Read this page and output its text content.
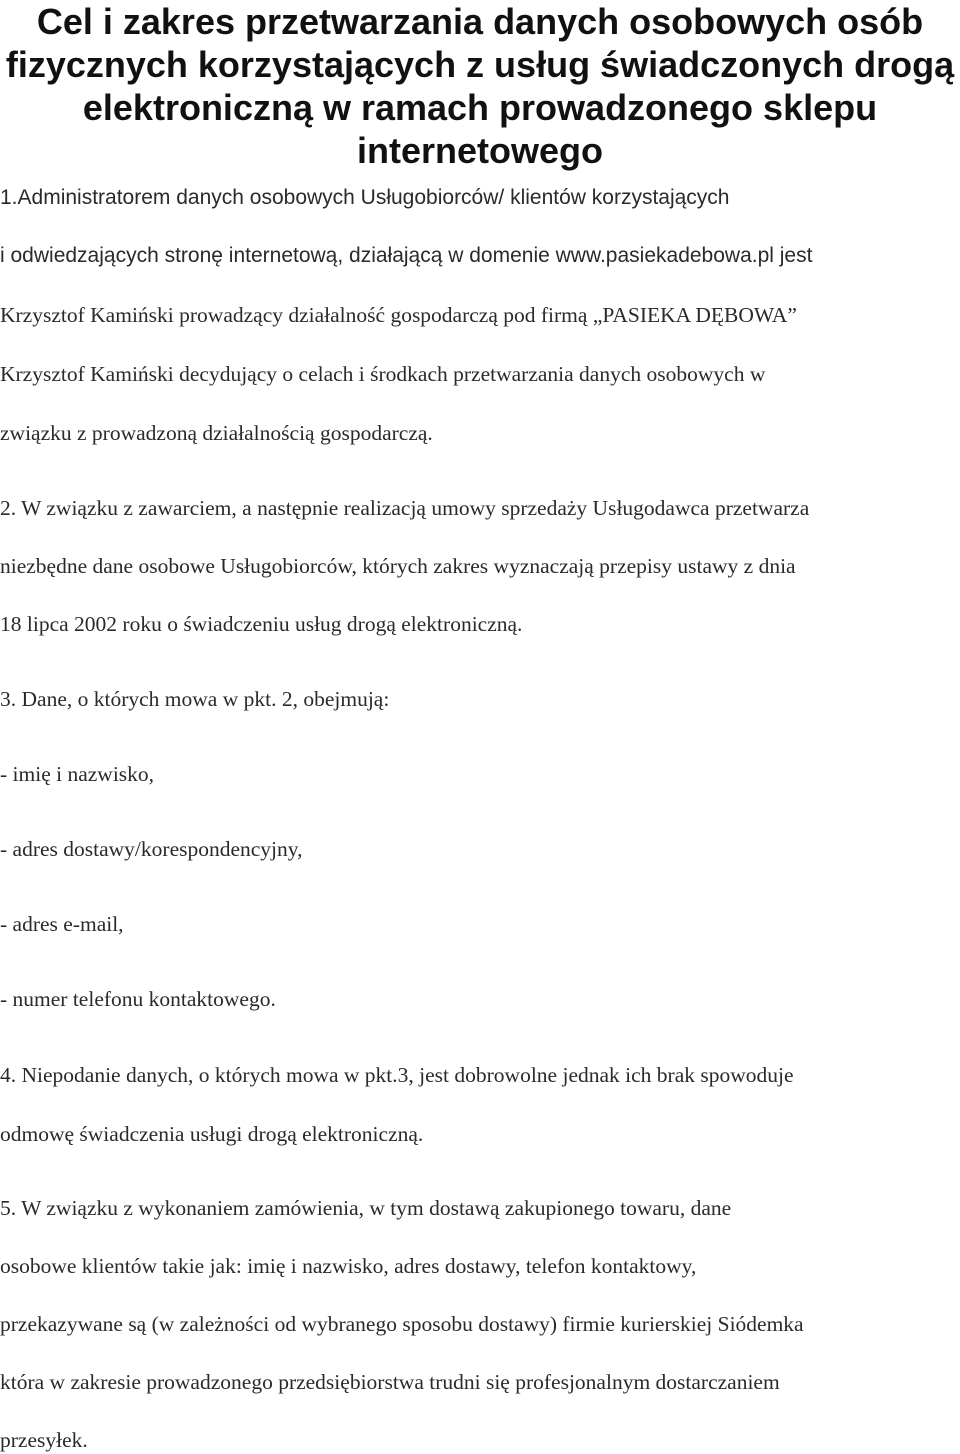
Cel i zakres przetwarzania danych osobowych osób
fizycznych korzystających z usług świadczonych drogą
elektroniczną w ramach prowadzonego sklepu
internetowego

1.Administratorem danych osobowych Usługobiorców/ klientów korzystających

i odwiedzających stronę internetową, działającą w domenie www.pasiekadebowa.pl jest

Krzysztof Kamiński prowadzący działalność gospodarczą pod firmą „PASIEKA DĘBOWA”

Krzysztof Kamiński decydujący o celach i środkach przetwarzania danych osobowych w

związku z prowadzoną działalnością gospodarczą.

2. W związku z zawarciem, a następnie realizacją umowy sprzedaży Usługodawca przetwarza

niezbędne dane osobowe Usługobiorców, których zakres wyznaczają przepisy ustawy z dnia

18 lipca 2002 roku o świadczeniu usług drogą elektroniczną.

3. Dane, o których mowa w pkt. 2, obejmują:

- imię i nazwisko,

- adres dostawy/korespondencyjny,

- adres e-mail,

- numer telefonu kontaktowego.

4. Niepodanie danych, o których mowa w pkt.3, jest dobrowolne jednak ich brak spowoduje

odmowę świadczenia usługi drogą elektroniczną.

5. W związku z wykonaniem zamówienia, w tym dostawą zakupionego towaru, dane

osobowe klientów takie jak: imię i nazwisko, adres dostawy, telefon kontaktowy,

przekazywane są (w zależności od wybranego sposobu dostawy) firmie kurierskiej Siódemka

która w zakresie prowadzonego przedsiębiorstwa trudni się profesjonalnym dostarczaniem

przesyłek.
